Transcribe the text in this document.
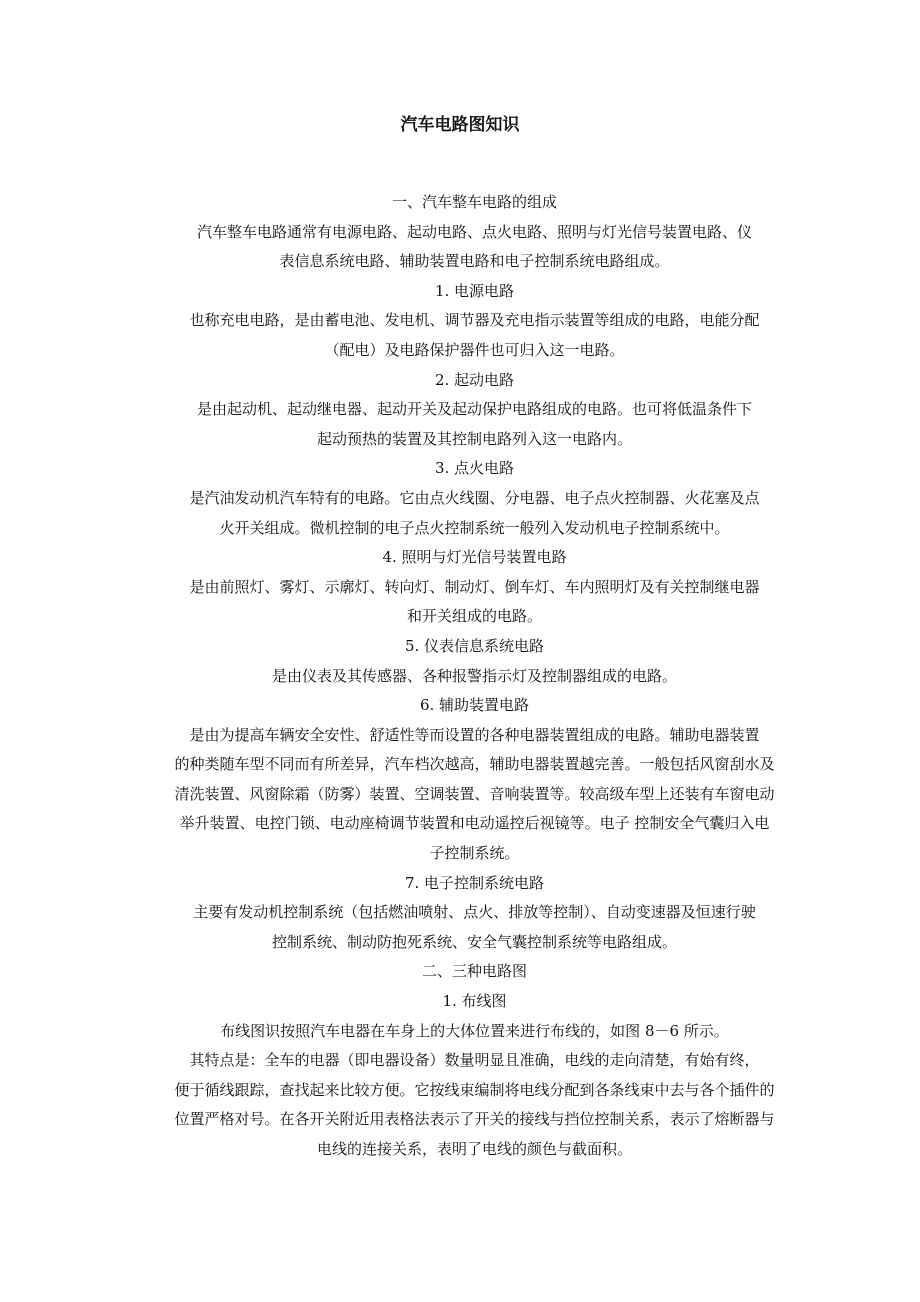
汽车电路图知识

一、汽车整车电路的组成

汽车整车电路通常有电源电路、起动电路、点火电路、照明与灯光信号装置电路、仪

表信息系统电路、辅助装置电路和电子控制系统电路组成。

1. 电源电路

也称充电电路，是由蓄电池、发电机、调节器及充电指示装置等组成的电路，电能分配

（配电）及电路保护器件也可归入这一电路。

2. 起动电路

是由起动机、起动继电器、起动开关及起动保护电路组成的电路。也可将低温条件下

起动预热的装置及其控制电路列入这一电路内。

3. 点火电路

是汽油发动机汽车特有的电路。它由点火线圈、分电器、电子点火控制器、火花塞及点

火开关组成。微机控制的电子点火控制系统一般列入发动机电子控制系统中。

4. 照明与灯光信号装置电路

是由前照灯、雾灯、示廓灯、转向灯、制动灯、倒车灯、车内照明灯及有关控制继电器

和开关组成的电路。

5. 仪表信息系统电路

是由仪表及其传感器、各种报警指示灯及控制器组成的电路。

6. 辅助装置电路

是由为提高车辆安全安性、舒适性等而设置的各种电器装置组成的电路。辅助电器装置

的种类随车型不同而有所差异，汽车档次越高，辅助电器装置越完善。一般包括风窗刮水及

清洗装置、风窗除霜（防雾）装置、空调装置、音响装置等。较高级车型上还装有车窗电动

举升装置、电控门锁、电动座椅调节装置和电动遥控后视镜等。电子 控制安全气囊归入电

子控制系统。

7. 电子控制系统电路

主要有发动机控制系统（包括燃油喷射、点火、排放等控制）、自动变速器及恒速行驶

控制系统、制动防抱死系统、安全气囊控制系统等电路组成。

二、三种电路图

1. 布线图

布线图识按照汽车电器在车身上的大体位置来进行布线的，如图 8－6 所示。

其特点是：全车的电器（即电器设备）数量明显且准确，电线的走向清楚，有始有终，

便于循线跟踪，查找起来比较方便。它按线束编制将电线分配到各条线束中去与各个插件的

位置严格对号。在各开关附近用表格法表示了开关的接线与挡位控制关系，表示了熔断器与

电线的连接关系，表明了电线的颜色与截面积。
